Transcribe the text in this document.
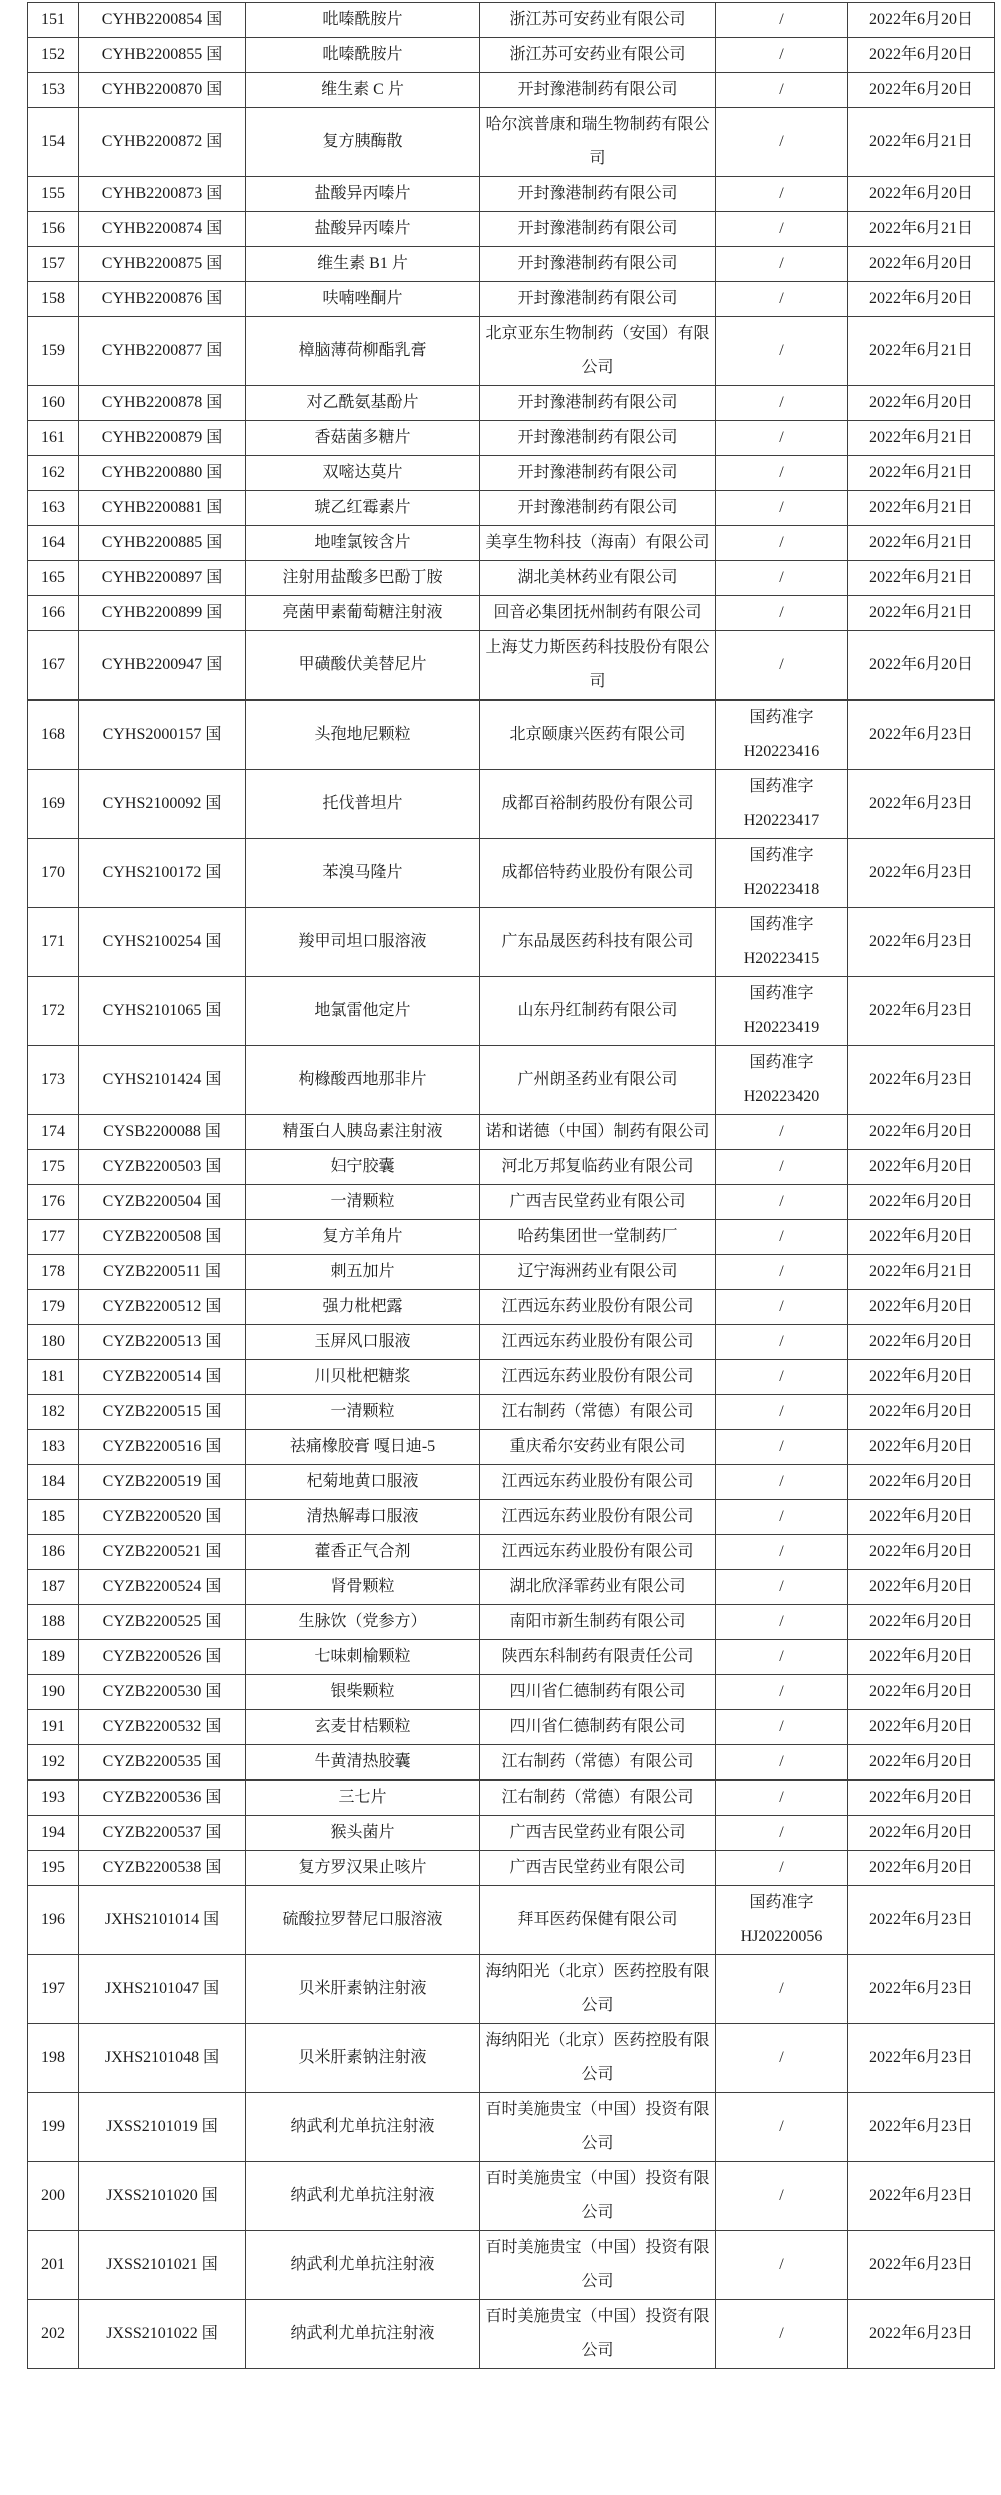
151	CYHB2200854 国	吡嗪酰胺片	浙江苏可安药业有限公司	/	2022年6月20日
152	CYHB2200855 国	吡嗪酰胺片	浙江苏可安药业有限公司	/	2022年6月20日
153	CYHB2200870 国	维生素 C 片	开封豫港制药有限公司	/	2022年6月20日
154	CYHB2200872 国	复方胰酶散	哈尔滨普康和瑞生物制药有限公司	/	2022年6月21日
155	CYHB2200873 国	盐酸异丙嗪片	开封豫港制药有限公司	/	2022年6月20日
156	CYHB2200874 国	盐酸异丙嗪片	开封豫港制药有限公司	/	2022年6月21日
157	CYHB2200875 国	维生素 B1 片	开封豫港制药有限公司	/	2022年6月20日
158	CYHB2200876 国	呋喃唑酮片	开封豫港制药有限公司	/	2022年6月20日
159	CYHB2200877 国	樟脑薄荷柳酯乳膏	北京亚东生物制药（安国）有限公司	/	2022年6月21日
160	CYHB2200878 国	对乙酰氨基酚片	开封豫港制药有限公司	/	2022年6月20日
161	CYHB2200879 国	香菇菌多糖片	开封豫港制药有限公司	/	2022年6月21日
162	CYHB2200880 国	双嘧达莫片	开封豫港制药有限公司	/	2022年6月21日
163	CYHB2200881 国	琥乙红霉素片	开封豫港制药有限公司	/	2022年6月21日
164	CYHB2200885 国	地喹氯铵含片	美享生物科技（海南）有限公司	/	2022年6月21日
165	CYHB2200897 国	注射用盐酸多巴酚丁胺	湖北美林药业有限公司	/	2022年6月21日
166	CYHB2200899 国	亮菌甲素葡萄糖注射液	回音必集团抚州制药有限公司	/	2022年6月21日
167	CYHB2200947 国	甲磺酸伏美替尼片	上海艾力斯医药科技股份有限公司	/	2022年6月20日
168	CYHS2000157 国	头孢地尼颗粒	北京颐康兴医药有限公司	国药准字H20223416	2022年6月23日
169	CYHS2100092 国	托伐普坦片	成都百裕制药股份有限公司	国药准字H20223417	2022年6月23日
170	CYHS2100172 国	苯溴马隆片	成都倍特药业股份有限公司	国药准字H20223418	2022年6月23日
171	CYHS2100254 国	羧甲司坦口服溶液	广东品晟医药科技有限公司	国药准字H20223415	2022年6月23日
172	CYHS2101065 国	地氯雷他定片	山东丹红制药有限公司	国药准字H20223419	2022年6月23日
173	CYHS2101424 国	枸橼酸西地那非片	广州朗圣药业有限公司	国药准字H20223420	2022年6月23日
174	CYSB2200088 国	精蛋白人胰岛素注射液	诺和诺德（中国）制药有限公司	/	2022年6月20日
175	CYZB2200503 国	妇宁胶囊	河北万邦复临药业有限公司	/	2022年6月20日
176	CYZB2200504 国	一清颗粒	广西吉民堂药业有限公司	/	2022年6月20日
177	CYZB2200508 国	复方羊角片	哈药集团世一堂制药厂	/	2022年6月20日
178	CYZB2200511 国	刺五加片	辽宁海洲药业有限公司	/	2022年6月21日
179	CYZB2200512 国	强力枇杷露	江西远东药业股份有限公司	/	2022年6月20日
180	CYZB2200513 国	玉屏风口服液	江西远东药业股份有限公司	/	2022年6月20日
181	CYZB2200514 国	川贝枇杷糖浆	江西远东药业股份有限公司	/	2022年6月20日
182	CYZB2200515 国	一清颗粒	江右制药（常德）有限公司	/	2022年6月20日
183	CYZB2200516 国	祛痛橡胶膏 嘎日迪-5	重庆希尔安药业有限公司	/	2022年6月20日
184	CYZB2200519 国	杞菊地黄口服液	江西远东药业股份有限公司	/	2022年6月20日
185	CYZB2200520 国	清热解毒口服液	江西远东药业股份有限公司	/	2022年6月20日
186	CYZB2200521 国	藿香正气合剂	江西远东药业股份有限公司	/	2022年6月20日
187	CYZB2200524 国	肾骨颗粒	湖北欣泽霏药业有限公司	/	2022年6月20日
188	CYZB2200525 国	生脉饮（党参方）	南阳市新生制药有限公司	/	2022年6月20日
189	CYZB2200526 国	七味刺榆颗粒	陕西东科制药有限责任公司	/	2022年6月20日
190	CYZB2200530 国	银柴颗粒	四川省仁德制药有限公司	/	2022年6月20日
191	CYZB2200532 国	玄麦甘桔颗粒	四川省仁德制药有限公司	/	2022年6月20日
192	CYZB2200535 国	牛黄清热胶囊	江右制药（常德）有限公司	/	2022年6月20日
193	CYZB2200536 国	三七片	江右制药（常德）有限公司	/	2022年6月20日
194	CYZB2200537 国	猴头菌片	广西吉民堂药业有限公司	/	2022年6月20日
195	CYZB2200538 国	复方罗汉果止咳片	广西吉民堂药业有限公司	/	2022年6月20日
196	JXHS2101014 国	硫酸拉罗替尼口服溶液	拜耳医药保健有限公司	国药准字HJ20220056	2022年6月23日
197	JXHS2101047 国	贝米肝素钠注射液	海纳阳光（北京）医药控股有限公司	/	2022年6月23日
198	JXHS2101048 国	贝米肝素钠注射液	海纳阳光（北京）医药控股有限公司	/	2022年6月23日
199	JXSS2101019 国	纳武利尤单抗注射液	百时美施贵宝（中国）投资有限公司	/	2022年6月23日
200	JXSS2101020 国	纳武利尤单抗注射液	百时美施贵宝（中国）投资有限公司	/	2022年6月23日
201	JXSS2101021 国	纳武利尤单抗注射液	百时美施贵宝（中国）投资有限公司	/	2022年6月23日
202	JXSS2101022 国	纳武利尤单抗注射液	百时美施贵宝（中国）投资有限公司	/	2022年6月23日
